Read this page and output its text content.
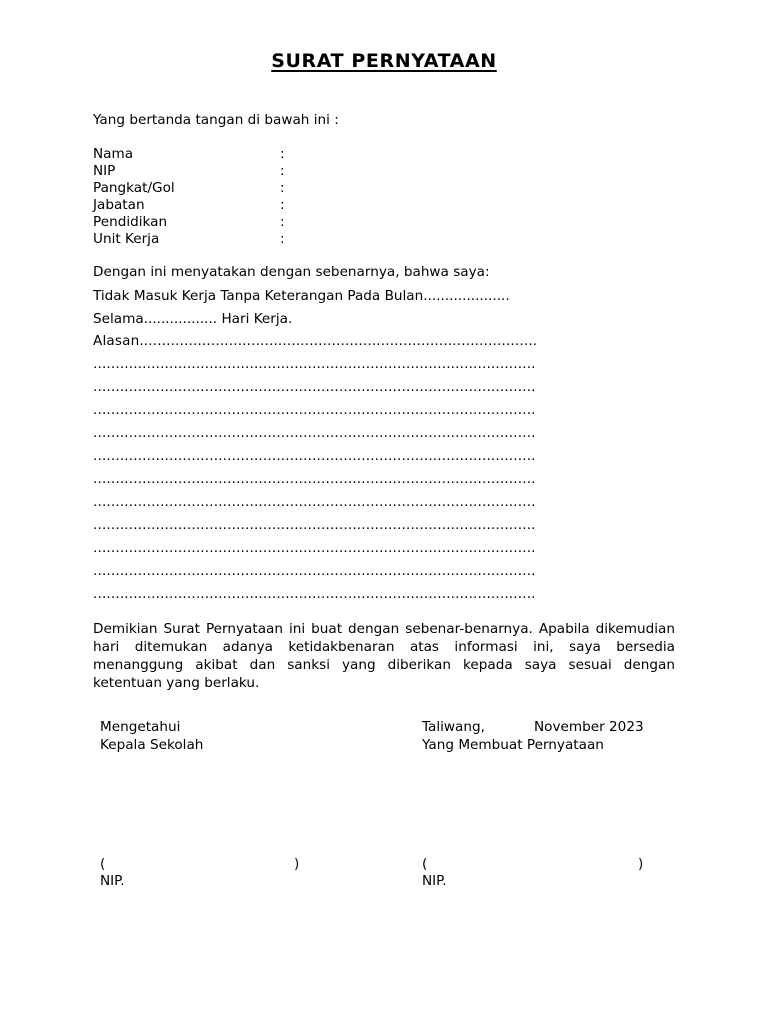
SURAT PERNYATAAN
Yang bertanda tangan di bawah ini :
Nama	:
NIP	:
Pangkat/Gol	:
Jabatan	:
Pendidikan	:
Unit Kerja	:
Dengan ini menyatakan dengan sebenarnya, bahwa saya:
Tidak Masuk Kerja Tanpa Keterangan Pada Bulan....................
Selama................. Hari Kerja.
Alasan.........................................................................................
...................................................................................................
...................................................................................................
...................................................................................................
...................................................................................................
...................................................................................................
...................................................................................................
...................................................................................................
...................................................................................................
...................................................................................................
...................................................................................................
...................................................................................................
Demikian Surat Pernyataan ini buat dengan sebenar-benarnya. Apabila dikemudian hari ditemukan adanya ketidakbenaran atas informasi ini, saya bersedia menanggung akibat dan sanksi yang diberikan kepada saya sesuai dengan ketentuan yang berlaku.
Mengetahui
Kepala Sekolah
(	)
NIP.
Taliwang,	November 2023
Yang Membuat Pernyataan
(	)
NIP.
